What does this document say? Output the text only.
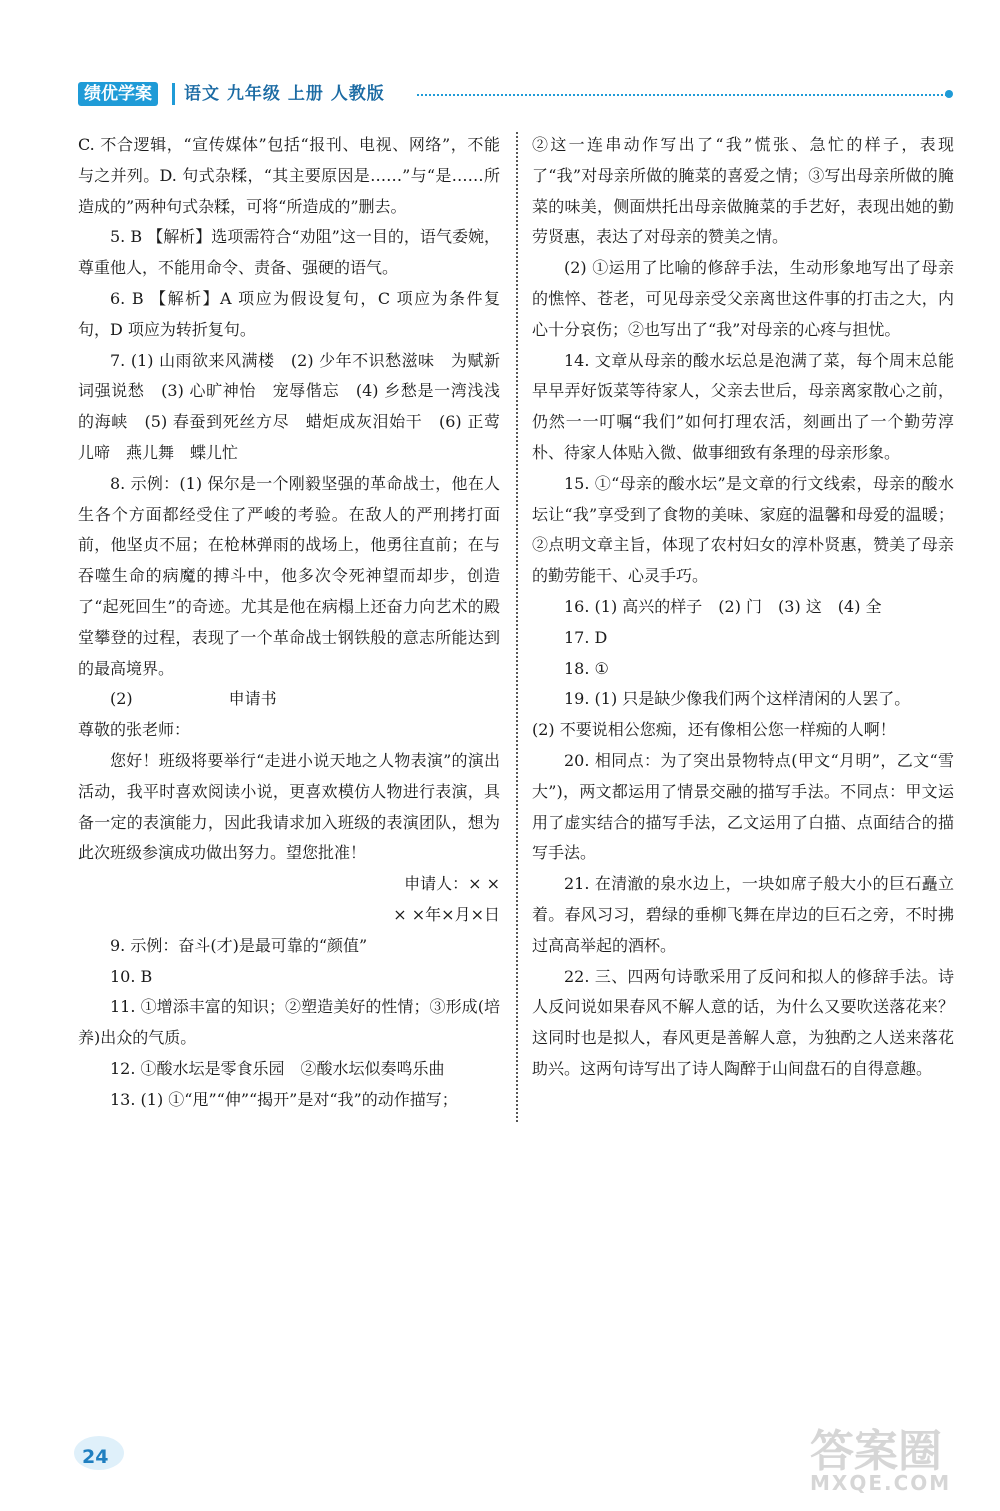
绩优学案	语文 九年级 上册 人教版

C. 不合逻辑，“宣传媒体”包括“报刊、电视、网络”，不能与之并列。D. 句式杂糅，“其主要原因是……”与“是……所造成的”两种句式杂糅，可将“所造成的”删去。

5. B 【解析】选项需符合“劝阻”这一目的，语气委婉，尊重他人，不能用命令、责备、强硬的语气。

6. B 【解析】A 项应为假设复句，C 项应为条件复句，D 项应为转折复句。

7. (1) 山雨欲来风满楼　(2) 少年不识愁滋味　为赋新词强说愁　(3) 心旷神怡　宠辱偕忘　(4) 乡愁是一湾浅浅的海峡　(5) 春蚕到死丝方尽　蜡炬成灰泪始干　(6) 正莺儿啼　燕儿舞　蝶儿忙

8. 示例：(1) 保尔是一个刚毅坚强的革命战士，他在人生各个方面都经受住了严峻的考验。在敌人的严刑拷打面前，他坚贞不屈；在枪林弹雨的战场上，他勇往直前；在与吞噬生命的病魔的搏斗中，他多次令死神望而却步，创造了“起死回生”的奇迹。尤其是他在病榻上还奋力向艺术的殿堂攀登的过程，表现了一个革命战士钢铁般的意志所能达到的最高境界。

(2)　　　　　　申请书

尊敬的张老师：

您好！班级将要举行“走进小说天地之人物表演”的演出活动，我平时喜欢阅读小说，更喜欢模仿人物进行表演，具备一定的表演能力，因此我请求加入班级的表演团队，想为此次班级参演成功做出努力。望您批准！

申请人：× ×

× ×年×月×日

9. 示例：奋斗(才)是最可靠的“颜值”

10. B

11. ①增添丰富的知识；②塑造美好的性情；③形成(培养)出众的气质。

12. ①酸水坛是零食乐园　②酸水坛似奏鸣乐曲

13. (1) ①“甩”“伸”“揭开”是对“我”的动作描写；

②这一连串动作写出了“我”慌张、急忙的样子，表现了“我”对母亲所做的腌菜的喜爱之情；③写出母亲所做的腌菜的味美，侧面烘托出母亲做腌菜的手艺好，表现出她的勤劳贤惠，表达了对母亲的赞美之情。

(2) ①运用了比喻的修辞手法，生动形象地写出了母亲的憔悴、苍老，可见母亲受父亲离世这件事的打击之大，内心十分哀伤；②也写出了“我”对母亲的心疼与担忧。

14. 文章从母亲的酸水坛总是泡满了菜，每个周末总能早早弄好饭菜等待家人，父亲去世后，母亲离家散心之前，仍然一一叮嘱“我们”如何打理农活，刻画出了一个勤劳淳朴、待家人体贴入微、做事细致有条理的母亲形象。

15. ①“母亲的酸水坛”是文章的行文线索，母亲的酸水坛让“我”享受到了食物的美味、家庭的温馨和母爱的温暖；②点明文章主旨，体现了农村妇女的淳朴贤惠，赞美了母亲的勤劳能干、心灵手巧。

16. (1) 高兴的样子　(2) 门　(3) 这　(4) 全

17. D

18. ①

19. (1) 只是缺少像我们两个这样清闲的人罢了。

(2) 不要说相公您痴，还有像相公您一样痴的人啊！

20. 相同点：为了突出景物特点(甲文“月明”，乙文“雪大”)，两文都运用了情景交融的描写手法。不同点：甲文运用了虚实结合的描写手法，乙文运用了白描、点面结合的描写手法。

21. 在清澈的泉水边上，一块如席子般大小的巨石矗立着。春风习习，碧绿的垂柳飞舞在岸边的巨石之旁，不时拂过高高举起的酒杯。

22. 三、四两句诗歌采用了反问和拟人的修辞手法。诗人反问说如果春风不解人意的话，为什么又要吹送落花来？这同时也是拟人，春风更是善解人意，为独酌之人送来落花助兴。这两句诗写出了诗人陶醉于山间盘石的自得意趣。

24	答案圈
MXQE.COM
